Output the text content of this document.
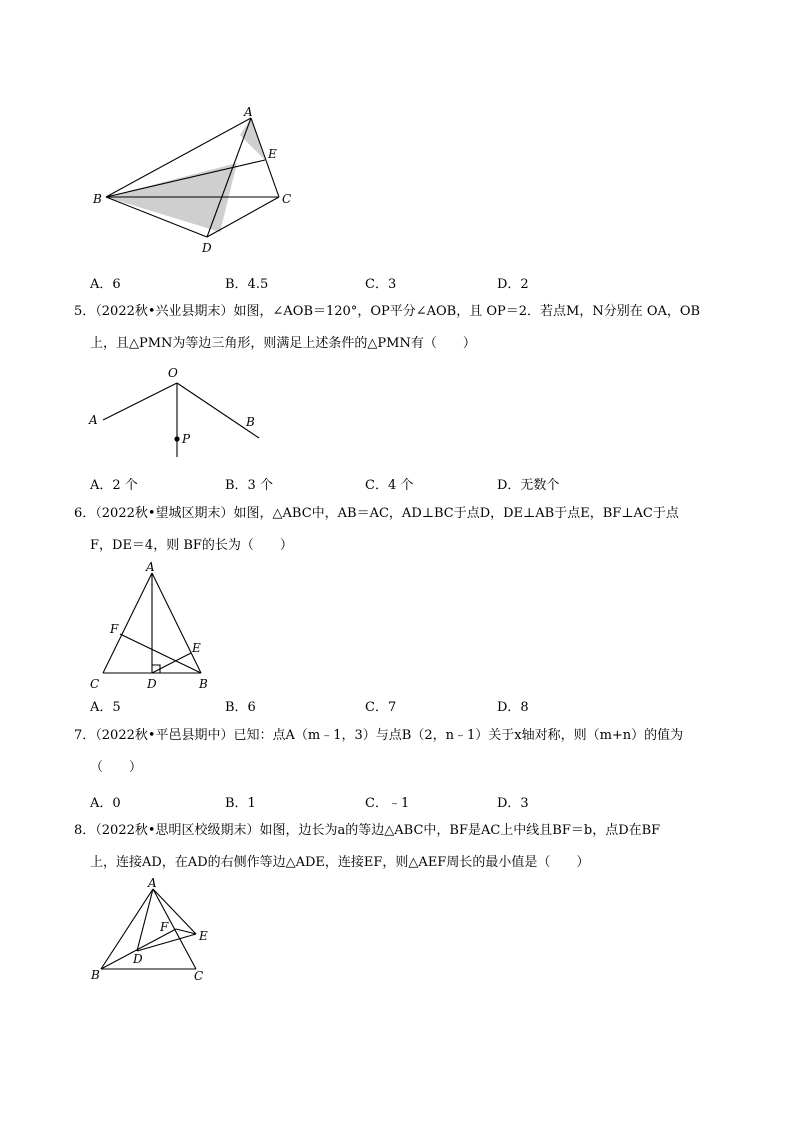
A
E
B	C
D
A．6	B．4.5	C．3	D．2
5．（2022秋•兴业县期末）如图，∠AOB＝120°，OP平分∠AOB，且 OP＝2．若点M，N分别在 OA，OB
上，且△PMN为等边三角形，则满足上述条件的△PMN有（　　）
O
A	B
P
A．2 个	B．3 个	C．4 个	D．无数个
6．（2022秋•望城区期末）如图，△ABC中，AB＝AC，AD⊥BC于点D，DE⊥AB于点E，BF⊥AC于点
F，DE＝4，则 BF的长为（　　）
A
F
E
C	D	B
A．5	B．6	C．7	D．8
7．（2022秋•平邑县期中）已知：点A（m﹣1，3）与点B（2，n﹣1）关于x轴对称，则（m+n）的值为
（　　）
A．0	B．1	C．﹣1	D．3
8．（2022秋•思明区校级期末）如图，边长为a的等边△ABC中，BF是AC上中线且BF＝b，点D在BF
上，连接AD，在AD的右侧作等边△ADE，连接EF，则△AEF周长的最小值是（　　）
A
F
E
D
B	C
